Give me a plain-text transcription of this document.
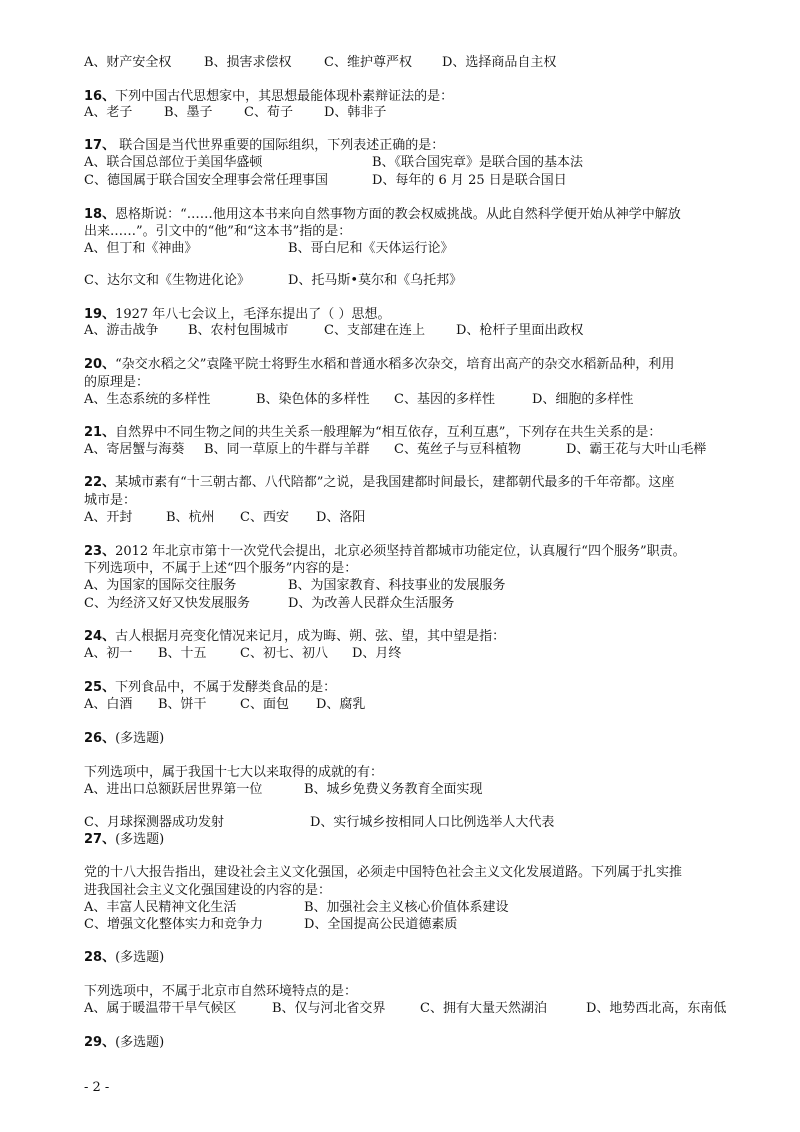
A、财产安全权	B、损害求偿权 C、维护尊严权 D、选择商品自主权
16、下列中国古代思想家中，其思想最能体现朴素辩证法的是：
A、老子 B、墨子 C、荀子 D、韩非子
17、 联合国是当代世界重要的国际组织，下列表述正确的是：
A、联合国总部位于美国华盛顿	B、《联合国宪章》是联合国的基本法
C、德国属于联合国安全理事会常任理事国	D、每年的 6 月 25 日是联合国日
18、恩格斯说：“……他用这本书来向自然事物方面的教会权威挑战。从此自然科学便开始从神学中解放
出来……”。引文中的“他”和“这本书”指的是：
A、但丁和《神曲》	B、哥白尼和《天体运行论》
C、达尔文和《生物进化论》	D、托马斯•莫尔和《乌托邦》
19、1927 年八七会议上，毛泽东提出了（ ）思想。
A、游击战争 B、农村包围城市	C、支部建在连上 D、枪杆子里面出政权
20、“杂交水稻之父”袁隆平院士将野生水稻和普通水稻多次杂交，培育出高产的杂交水稻新品种，利用
的原理是：
A、生态系统的多样性	B、染色体的多样性 C、基因的多样性	D、细胞的多样性
21、自然界中不同生物之间的共生关系一般理解为“相互依存，互利互惠”，下列存在共生关系的是：
A、寄居蟹与海葵 B、同一草原上的牛群与羊群 C、菟丝子与豆科植物	D、霸王花与大叶山毛榉
22、某城市素有“十三朝古都、八代陪都”之说，是我国建都时间最长，建都朝代最多的千年帝都。这座
城市是：
A、开封	B、杭州 C、西安 D、洛阳
23、2012 年北京市第十一次党代会提出，北京必须坚持首都城市功能定位，认真履行“四个服务”职责。
下列选项中，不属于上述“四个服务”内容的是：
A、为国家的国际交往服务	B、为国家教育、科技事业的发展服务
C、为经济又好又快发展服务	D、为改善人民群众生活服务
24、古人根据月亮变化情况来记月，成为晦、朔、弦、望，其中望是指：
A、初一 B、十五	C、初七、初八 D、月终
25、下列食品中，不属于发酵类食品的是：
A、白酒 B、饼干	C、面包 D、腐乳
26、(多选题)
下列选项中，属于我国十七大以来取得的成就的有：
A、进出口总额跃居世界第一位	B、城乡免费义务教育全面实现
C、月球探测器成功发射	D、实行城乡按相同人口比例选举人大代表
27、(多选题)
党的十八大报告指出，建设社会主义文化强国，必须走中国特色社会主义文化发展道路。下列属于扎实推
进我国社会主义文化强国建设的内容的是：
A、丰富人民精神文化生活	B、加强社会主义核心价值体系建设
C、增强文化整体实力和竞争力	D、全国提高公民道德素质
28、(多选题)
下列选项中，不属于北京市自然环境特点的是：
A、属于暖温带干旱气候区	B、仅与河北省交界	C、拥有大量天然湖泊	D、地势西北高，东南低
29、(多选题)
- 2 -
